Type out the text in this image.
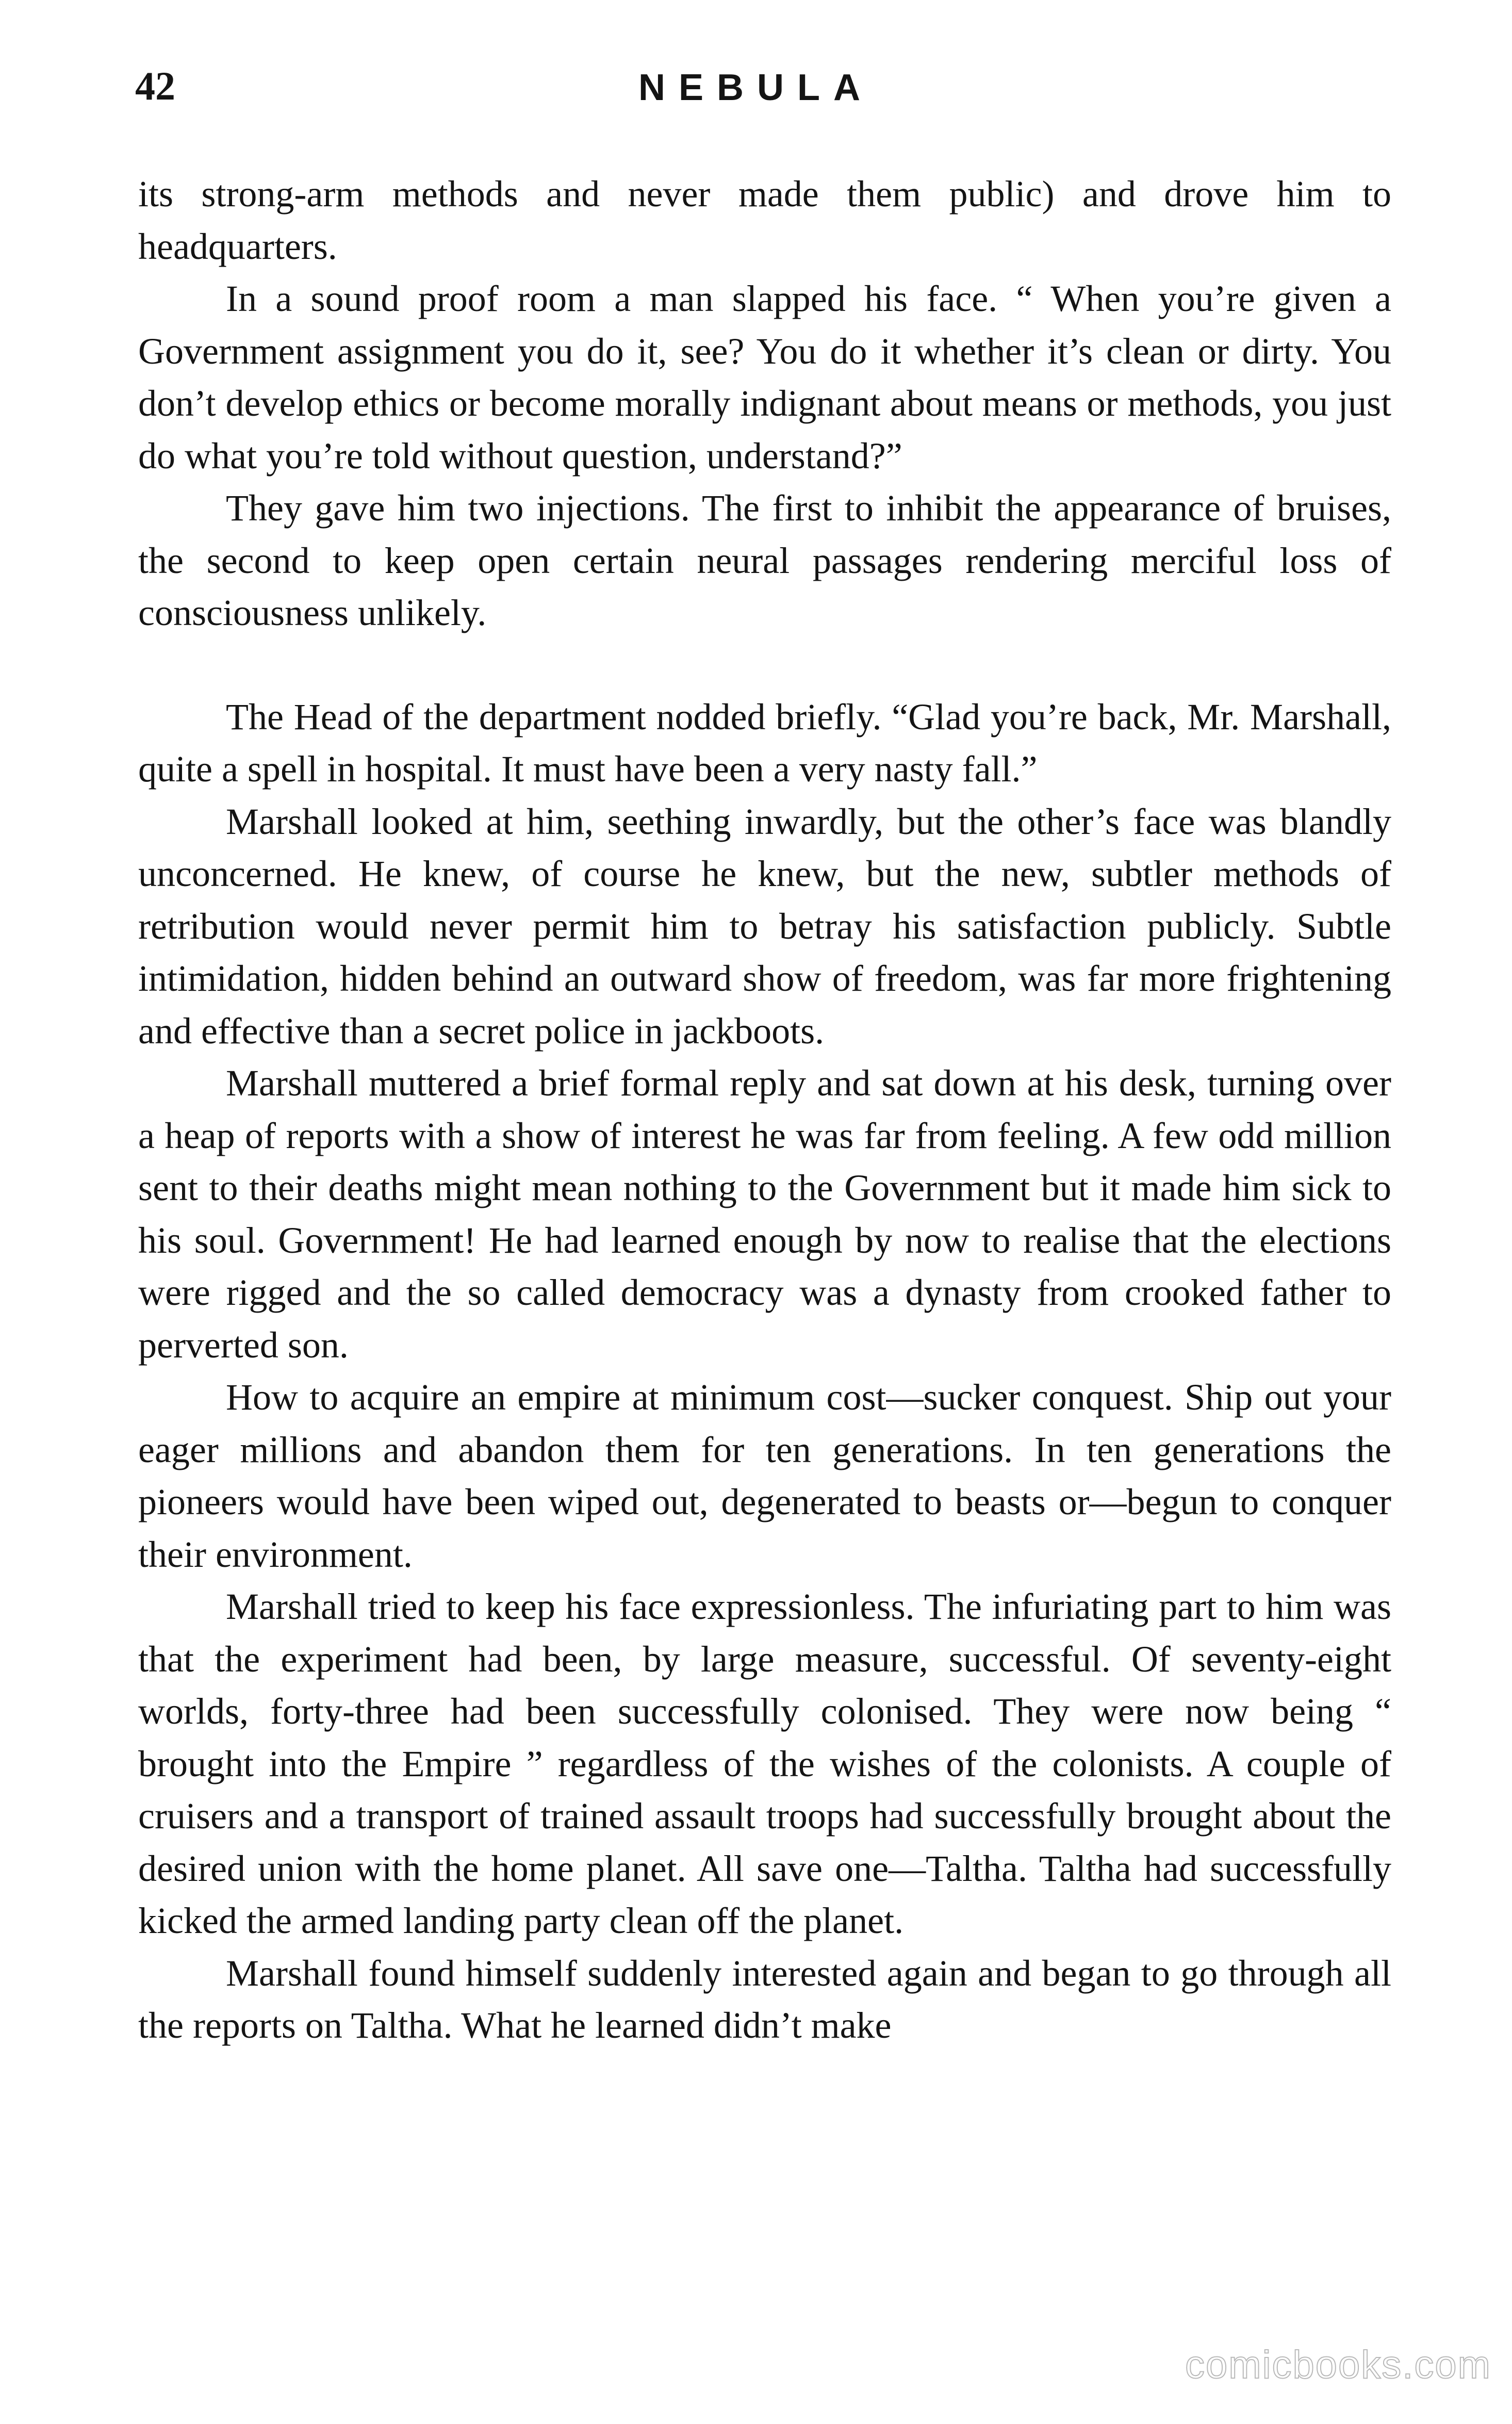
42	NEBULA

its strong-arm methods and never made them public) and drove him to headquarters.

In a sound proof room a man slapped his face. “ When you’re given a Government assignment you do it, see? You do it whether it’s clean or dirty. You don’t develop ethics or become morally indignant about means or methods, you just do what you’re told without question, understand?”

They gave him two injections. The first to inhibit the appearance of bruises, the second to keep open certain neural passages rendering merciful loss of consciousness unlikely.

The Head of the department nodded briefly. “Glad you’re back, Mr. Marshall, quite a spell in hospital. It must have been a very nasty fall.”

Marshall looked at him, seething inwardly, but the other’s face was blandly unconcerned. He knew, of course he knew, but the new, subtler methods of retribution would never permit him to betray his satisfaction publicly. Subtle intimidation, hidden behind an outward show of freedom, was far more frightening and effective than a secret police in jackboots.

Marshall muttered a brief formal reply and sat down at his desk, turning over a heap of reports with a show of interest he was far from feeling. A few odd million sent to their deaths might mean nothing to the Government but it made him sick to his soul. Government! He had learned enough by now to realise that the elections were rigged and the so called democracy was a dynasty from crooked father to perverted son.

How to acquire an empire at minimum cost—sucker conquest. Ship out your eager millions and abandon them for ten generations. In ten generations the pioneers would have been wiped out, degenerated to beasts or—begun to conquer their environment.

Marshall tried to keep his face expressionless. The infuriating part to him was that the experiment had been, by large measure, successful. Of seventy-eight worlds, forty-three had been successfully colonised. They were now being “ brought into the Empire ” regardless of the wishes of the colonists. A couple of cruisers and a transport of trained assault troops had successfully brought about the desired union with the home planet. All save one—Taltha. Taltha had successfully kicked the armed landing party clean off the planet.

Marshall found himself suddenly interested again and began to go through all the reports on Taltha. What he learned didn’t make

comicbooks.com
